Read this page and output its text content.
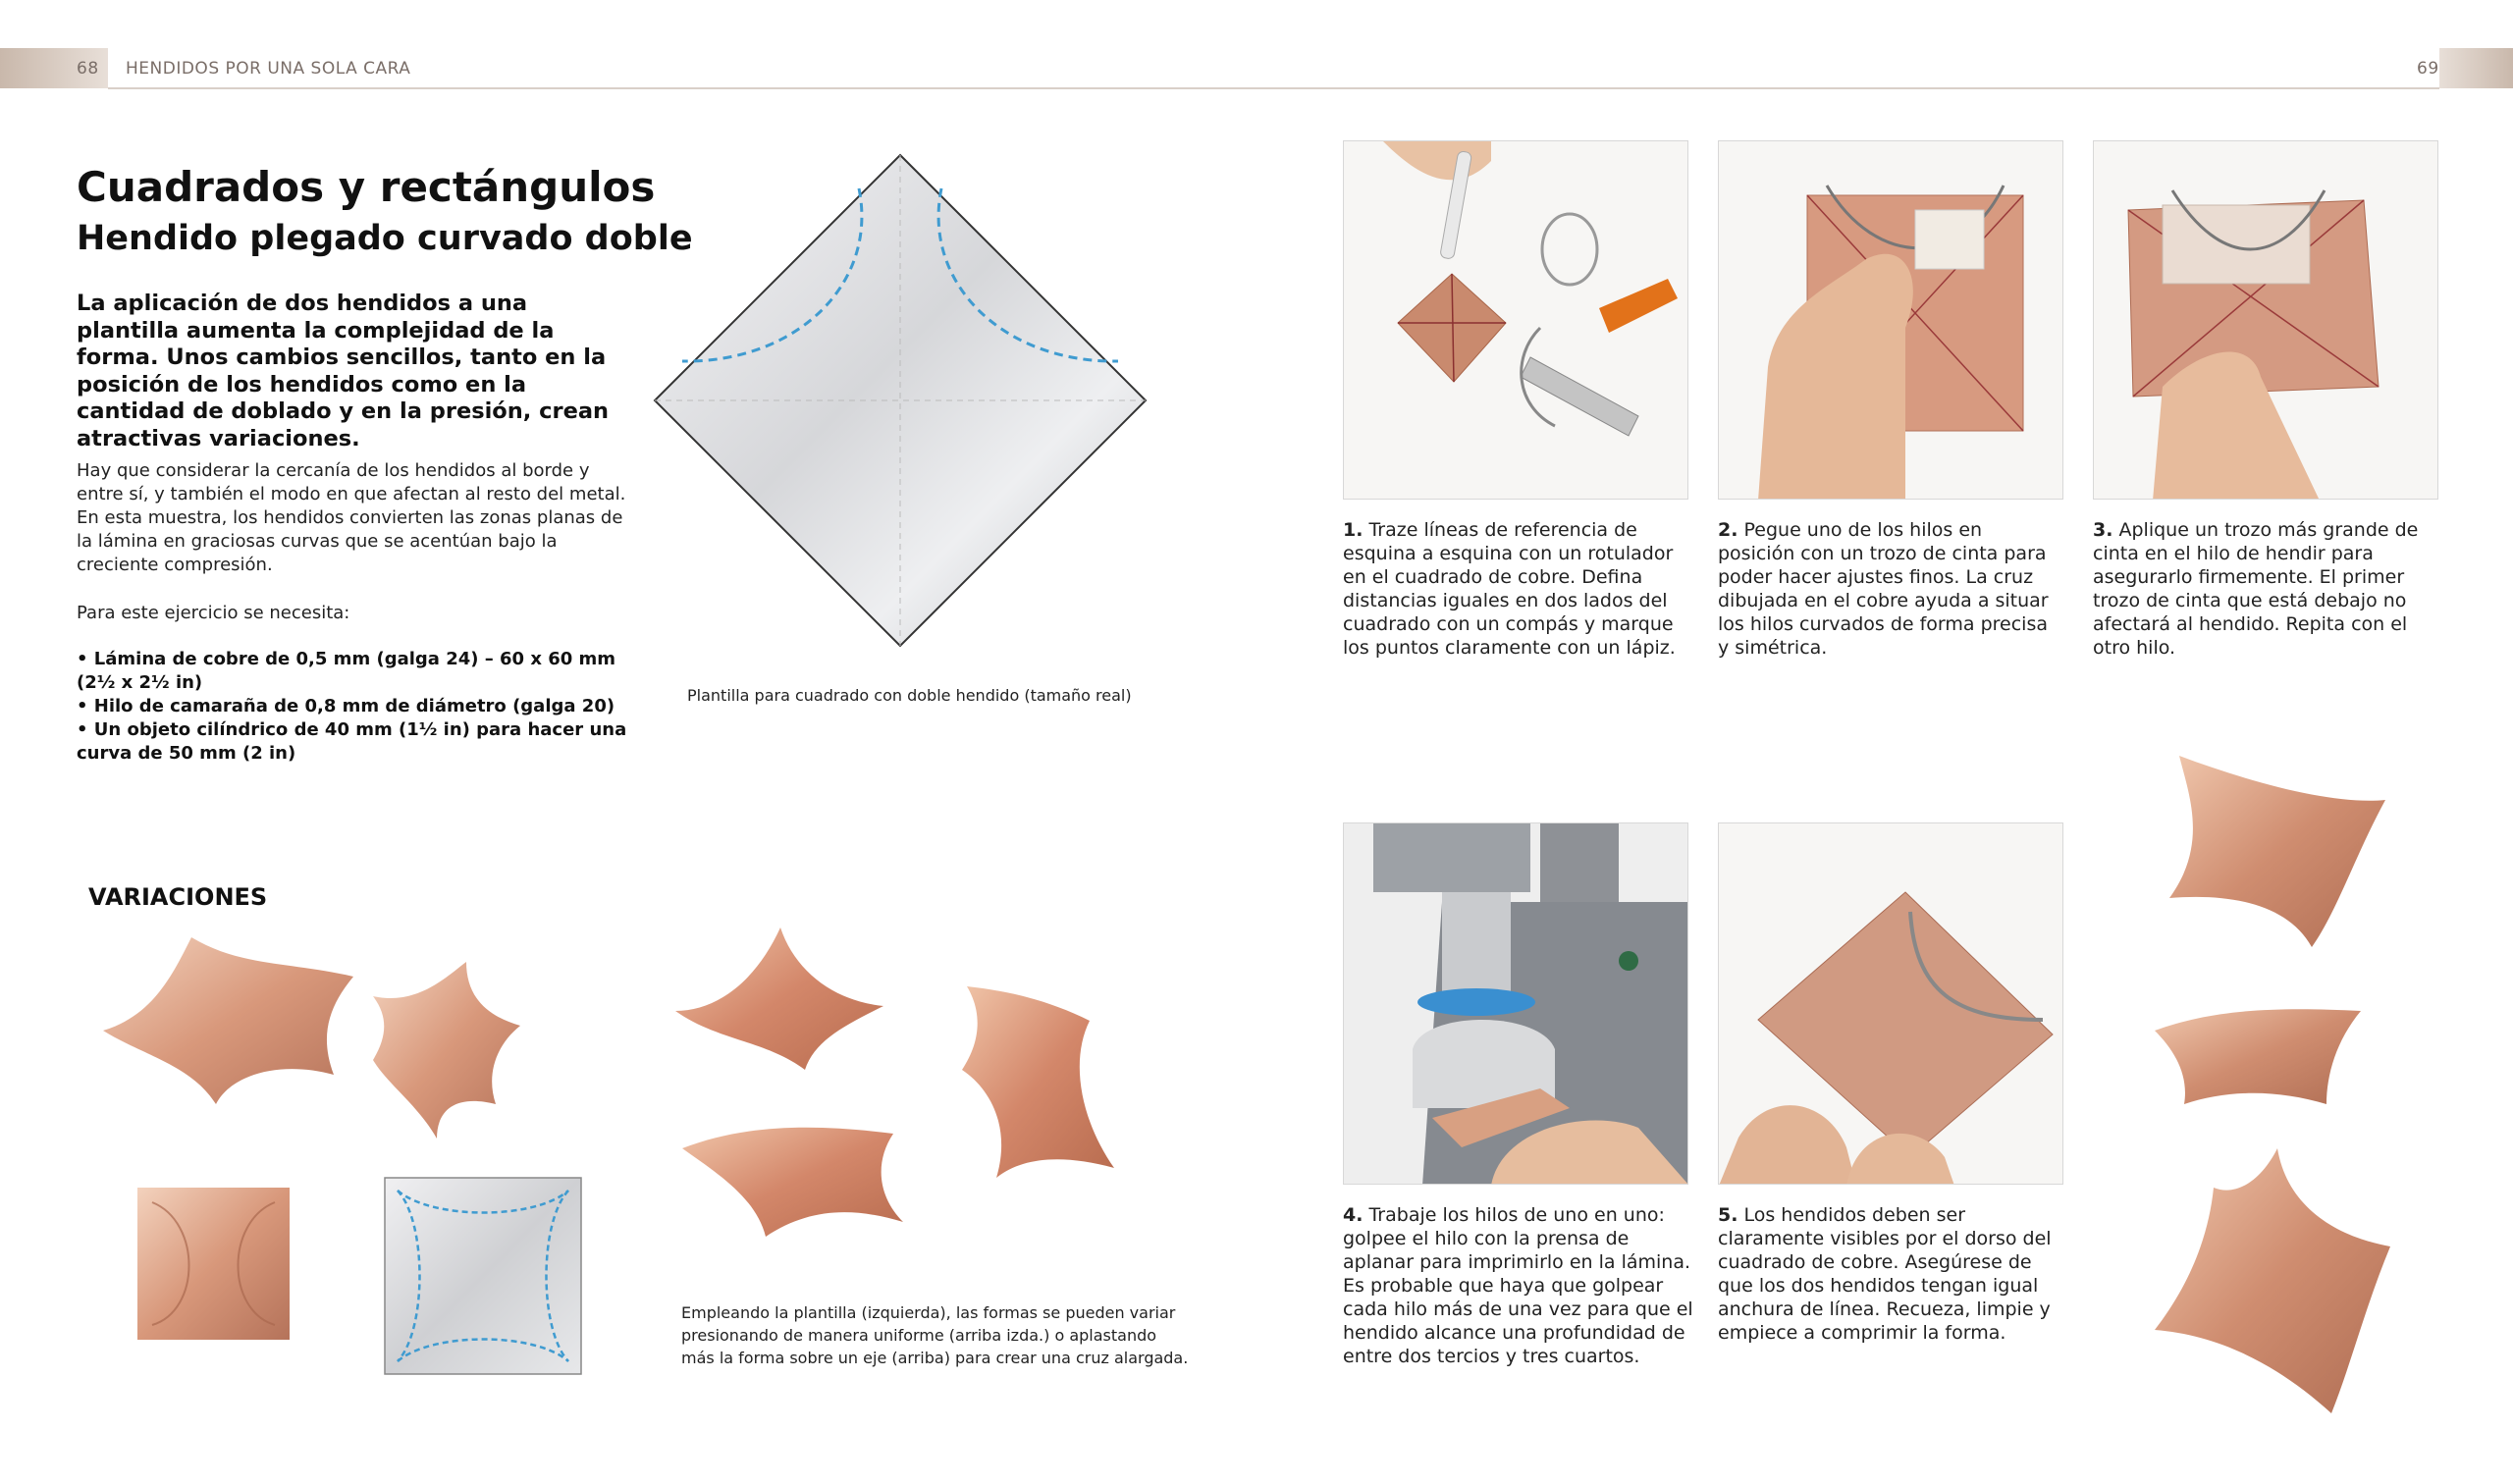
68 HENDIDOS POR UNA SOLA CARA	69
Cuadrados y rectángulos
Hendido plegado curvado doble
La aplicación de dos hendidos a una plantilla aumenta la complejidad de la forma. Unos cambios sencillos, tanto en la posición de los hendidos como en la cantidad de doblado y en la presión, crean atractivas variaciones.
Hay que considerar la cercanía de los hendidos al borde y entre sí, y también el modo en que afectan al resto del metal. En esta muestra, los hendidos convierten las zonas planas de la lámina en graciosas curvas que se acentúan bajo la creciente compresión.
Para este ejercicio se necesita:
• Lámina de cobre de 0,5 mm (galga 24) – 60 x 60 mm (2½ x 2½ in)
• Hilo de camaraña de 0,8 mm de diámetro (galga 20)
• Un objeto cilíndrico de 40 mm (1½ in) para hacer una curva de 50 mm (2 in)
Plantilla para cuadrado con doble hendido (tamaño real)
1. Traze líneas de referencia de esquina a esquina con un rotulador en el cuadrado de cobre. Defina distancias iguales en dos lados del cuadrado con un compás y marque los puntos claramente con un lápiz.
2. Pegue uno de los hilos en posición con un trozo de cinta para poder hacer ajustes finos. La cruz dibujada en el cobre ayuda a situar los hilos curvados de forma precisa y simétrica.
3. Aplique un trozo más grande de cinta en el hilo de hendir para asegurarlo firmemente. El primer trozo de cinta que está debajo no afectará al hendido. Repita con el otro hilo.
4. Trabaje los hilos de uno en uno: golpee el hilo con la prensa de aplanar para imprimirlo en la lámina. Es probable que haya que golpear cada hilo más de una vez para que el hendido alcance una profundidad de entre dos tercios y tres cuartos.
5. Los hendidos deben ser claramente visibles por el dorso del cuadrado de cobre. Asegúrese de que los dos hendidos tengan igual anchura de línea. Recueza, limpie y empiece a comprimir la forma.
VARIACIONES
Empleando la plantilla (izquierda), las formas se pueden variar presionando de manera uniforme (arriba izda.) o aplastando más la forma sobre un eje (arriba) para crear una cruz alargada.
